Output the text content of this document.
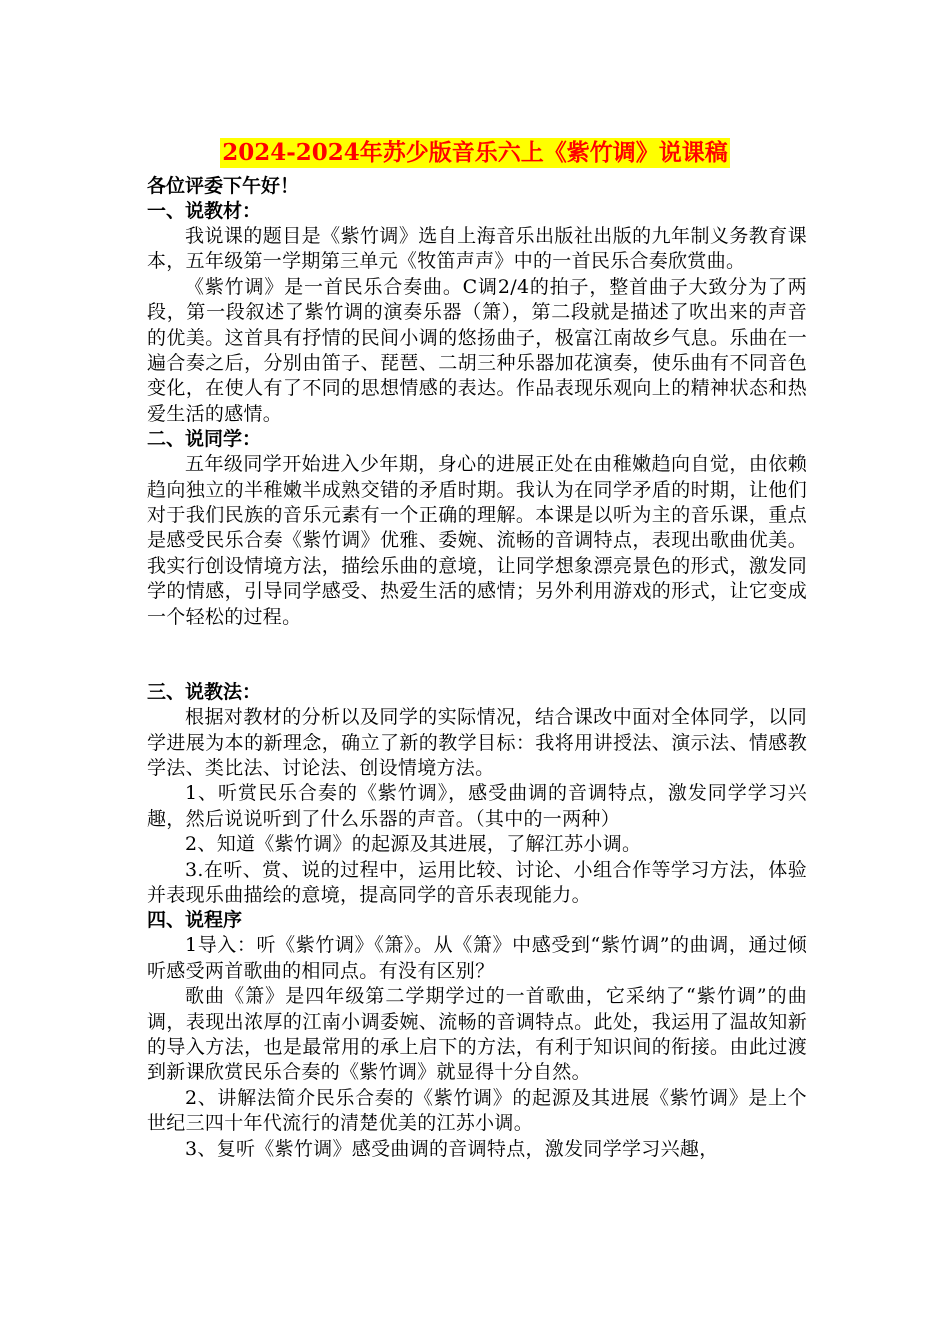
2024-2024年苏少版音乐六上《紫竹调》说课稿

各位评委下午好！

一、说教材：

我说课的题目是《紫竹调》选自上海音乐出版社出版的九年制义务教育课本，五年级第一学期第三单元《牧笛声声》中的一首民乐合奏欣赏曲。

《紫竹调》是一首民乐合奏曲。C调2/4的拍子，整首曲子大致分为了两段，第一段叙述了紫竹调的演奏乐器（箫），第二段就是描述了吹出来的声音的优美。这首具有抒情的民间小调的悠扬曲子，极富江南故乡气息。乐曲在一遍合奏之后，分别由笛子、琵琶、二胡三种乐器加花演奏，使乐曲有不同音色变化，在使人有了不同的思想情感的表达。作品表现乐观向上的精神状态和热爱生活的感情。

二、说同学：

五年级同学开始进入少年期，身心的进展正处在由稚嫩趋向自觉，由依赖趋向独立的半稚嫩半成熟交错的矛盾时期。我认为在同学矛盾的时期，让他们对于我们民族的音乐元素有一个正确的理解。本课是以听为主的音乐课，重点是感受民乐合奏《紫竹调》优雅、委婉、流畅的音调特点，表现出歌曲优美。我实行创设情境方法，描绘乐曲的意境，让同学想象漂亮景色的形式，激发同学的情感，引导同学感受、热爱生活的感情；另外利用游戏的形式，让它变成一个轻松的过程。

三、说教法：

根据对教材的分析以及同学的实际情况，结合课改中面对全体同学，以同学进展为本的新理念，确立了新的教学目标：我将用讲授法、演示法、情感教学法、类比法、讨论法、创设情境方法。

1、听赏民乐合奏的《紫竹调》，感受曲调的音调特点，激发同学学习兴趣，然后说说听到了什么乐器的声音。（其中的一两种）

2、知道《紫竹调》的起源及其进展，了解江苏小调。

3.在听、赏、说的过程中，运用比较、讨论、小组合作等学习方法，体验并表现乐曲描绘的意境，提高同学的音乐表现能力。

四、说程序

1导入：听《紫竹调》《箫》。从《箫》中感受到“紫竹调”的曲调，通过倾听感受两首歌曲的相同点。有没有区别？

歌曲《箫》是四年级第二学期学过的一首歌曲，它采纳了“紫竹调”的曲调，表现出浓厚的江南小调委婉、流畅的音调特点。此处，我运用了温故知新的导入方法，也是最常用的承上启下的方法，有利于知识间的衔接。由此过渡到新课欣赏民乐合奏的《紫竹调》就显得十分自然。

2、讲解法简介民乐合奏的《紫竹调》的起源及其进展《紫竹调》是上个世纪三四十年代流行的清楚优美的江苏小调。

3、复听《紫竹调》感受曲调的音调特点，激发同学学习兴趣，
